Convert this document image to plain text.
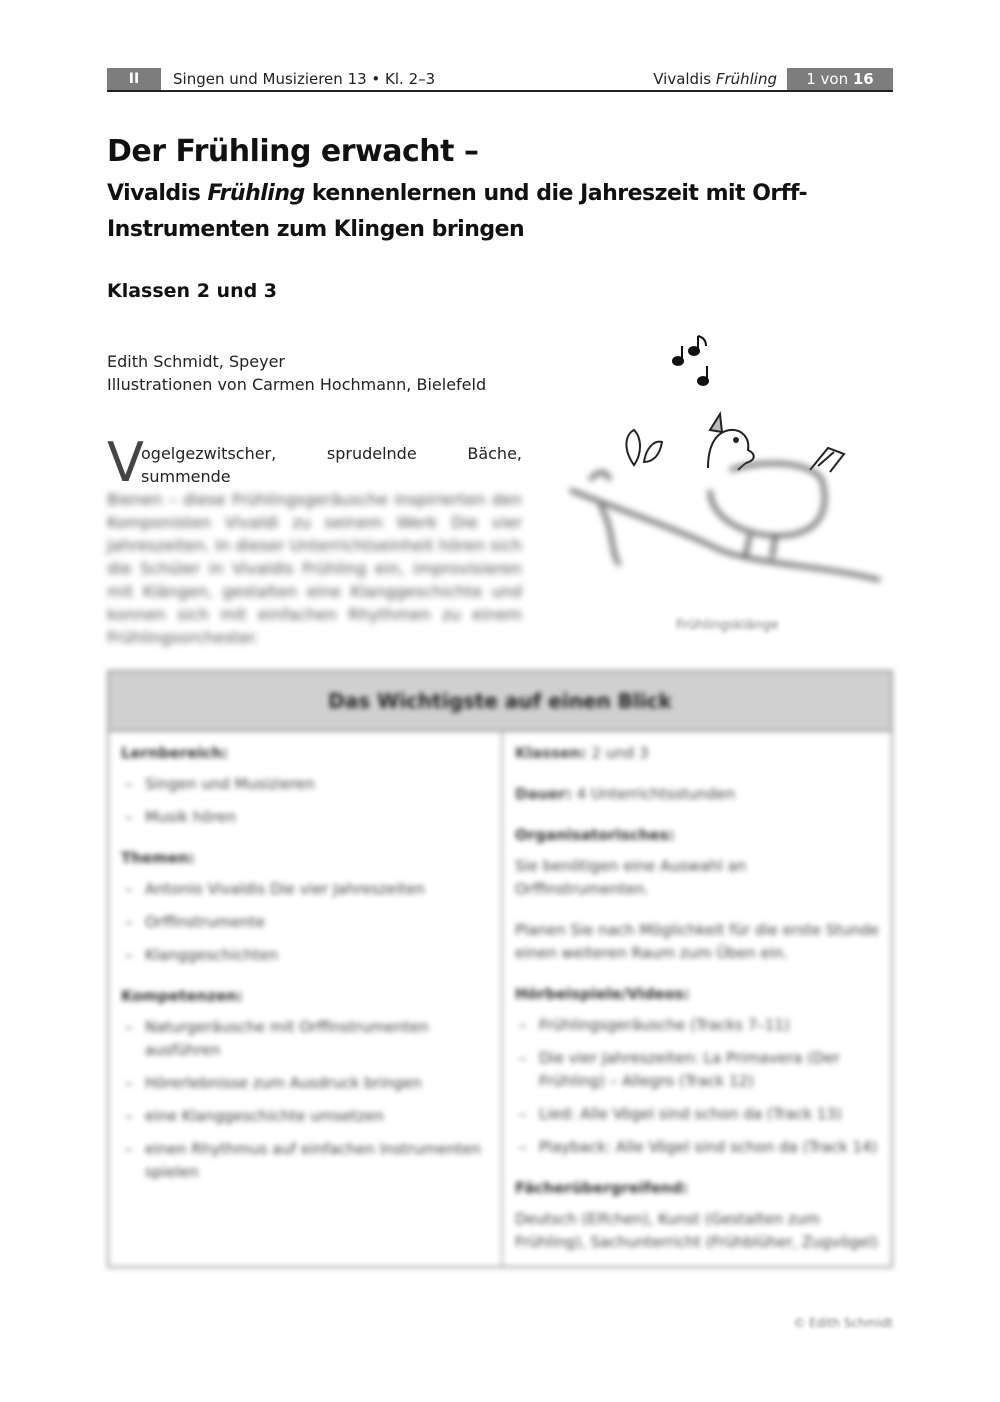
II	Singen und Musizieren 13 • Kl. 2–3	Vivaldis Frühling	1 von 16
Der Frühling erwacht –
Vivaldis Frühling kennenlernen und die Jahreszeit mit Orff-Instrumenten zum Klingen bringen
Klassen 2 und 3
Edith Schmidt, Speyer
Illustrationen von Carmen Hochmann, Bielefeld
V
ogelgezwitscher, sprudelnde Bäche, summende
Bienen – diese Frühlingsgeräusche inspirierten den Komponisten Vivaldi zu seinem Werk Die vier Jahreszeiten. In dieser Unterrichtseinheit hören sich die Schüler in Vivaldis Frühling ein, improvisieren mit Klängen, gestalten eine Klanggeschichte und konnen sich mit einfachen Rhythmen zu einem Frühlingsorchester.
Frühlingsklänge
Das Wichtigste auf einen Blick
Lernbereich:
– Singen und Musizieren
– Musik hören
Themen:
– Antonio Vivaldis Die vier Jahreszeiten
– Orffinstrumente
– Klanggeschichten
Kompetenzen:
– Naturgeräusche mit Orffinstrumenten ausführen
– Hörerlebnisse zum Ausdruck bringen
– eine Klanggeschichte umsetzen
– einen Rhythmus auf einfachen Instrumenten spielen

Klassen: 2 und 3

Dauer: 4 Unterrichtsstunden

Organisatorisches:

Sie benötigen eine Auswahl an Orffinstrumenten.

Planen Sie nach Möglichkeit für die erste Stunde einen weiteren Raum zum Üben ein.

Hörbeispiele/Videos:
– Frühlingsgeräusche (Tracks 7–11)
– Die vier Jahreszeiten: La Primavera (Der Frühling) – Allegro (Track 12)
– Lied: Alle Vögel sind schon da (Track 13)
– Playback: Alle Vögel sind schon da (Track 14)
Fächerübergreifend:

Deutsch (Elfchen), Kunst (Gestalten zum Frühling), Sachunterricht (Frühblüher, Zugvögel)

© Edith Schmidt
